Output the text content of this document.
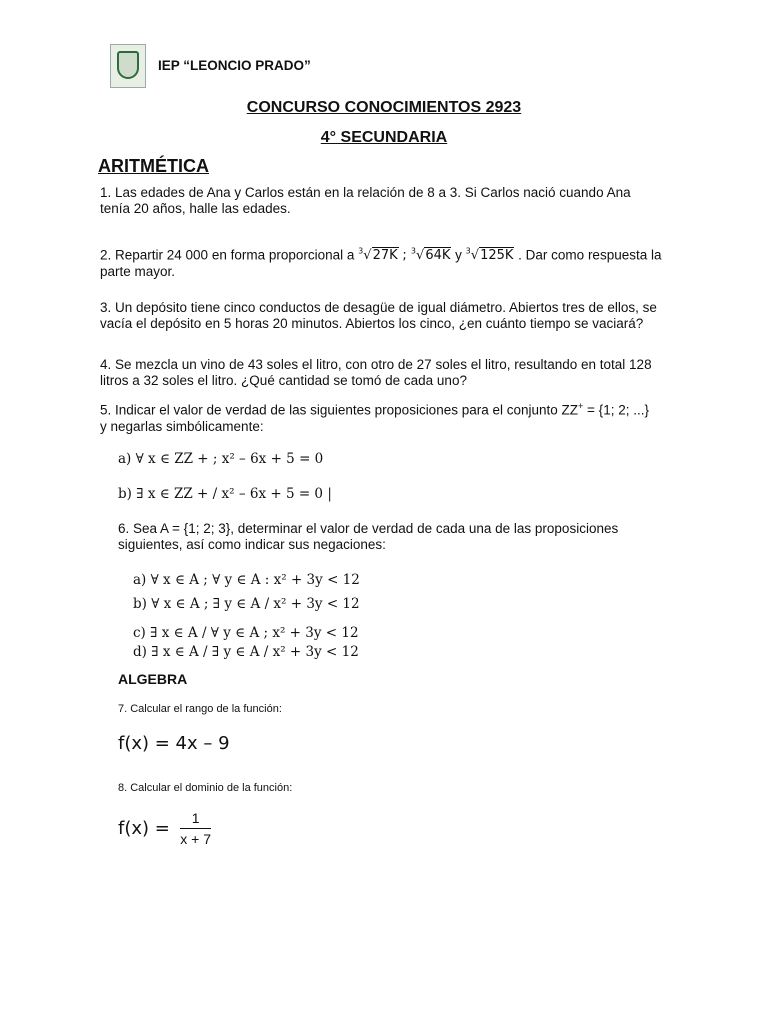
IEP “LEONCIO PRADO”
CONCURSO CONOCIMIENTOS 2923
4° SECUNDARIA
ARITMÉTICA
1. Las edades de Ana y Carlos están en la relación de 8 a 3. Si Carlos nació cuando Ana tenía 20 años, halle las edades.
2. Repartir 24 000 en forma proporcional a $^3$√27K ; $^3$√64K y $^3$√125K . Dar como respuesta la parte mayor.
3. Un depósito tiene cinco conductos de desagüe de igual diámetro. Abiertos tres de ellos, se vacía el depósito en 5 horas 20 minutos. Abiertos los cinco, ¿en cuánto tiempo se vaciará?
4. Se mezcla un vino de 43 soles el litro, con otro de 27 soles el litro, resultando en total 128 litros a 32 soles el litro. ¿Qué cantidad se tomó de cada uno?
5. Indicar el valor de verdad de las siguientes proposiciones para el conjunto ZZ+ = {1; 2; ...}
y negarlas simbólicamente:
a) ∀ x ∈ ZZ + ; x² – 6x + 5 = 0
b) ∃ x ∈ ZZ + / x² – 6x + 5 = 0 |
6. Sea A = {1; 2; 3}, determinar el valor de verdad de cada una de las proposiciones siguientes, así como indicar sus negaciones:
a) ∀ x ∈ A ; ∀ y ∈ A : x² + 3y < 12
b) ∀ x ∈ A ; ∃ y ∈ A / x² + 3y < 12
c) ∃ x ∈ A / ∀ y ∈ A ; x² + 3y < 12
d) ∃ x ∈ A / ∃ y ∈ A / x² + 3y < 12
ALGEBRA
7. Calcular el rango de la función:
f(x) = 4x – 9
8. Calcular el dominio de la función:
$f(x) = \frac{1}{x + 7}$
